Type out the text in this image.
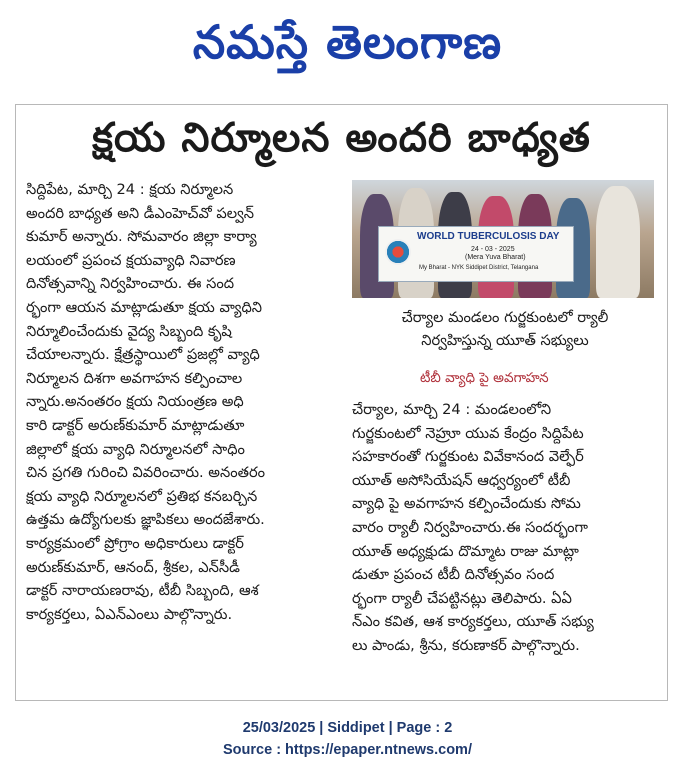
నమస్తే తెలంగాణ
క్షయ నిర్మూలన అందరి బాధ్యత
సిద్దిపేట, మార్చి 24 : క్షయ నిర్మూలన
అందరి బాధ్యత అని డీఎంహెచ్‌వో పల్వన్
కుమార్ అన్నారు. సోమవారం జిల్లా కార్యా
లయంలో ప్రపంచ క్షయవ్యాధి నివారణ
దినోత్సవాన్ని నిర్వహించారు. ఈ సంద
ర్భంగా ఆయన మాట్లాడుతూ క్షయ వ్యాధిని
నిర్మూలించేందుకు వైద్య సిబ్బంది కృషి
చేయాలన్నారు. క్షేత్రస్థాయిలో ప్రజల్లో వ్యాధి
నిర్మూలన దిశగా అవగాహన కల్పించాల
న్నారు.అనంతరం క్షయ నియంత్రణ అధి
కారి డాక్టర్ అరుణ్‌కుమార్ మాట్లాడుతూ
జిల్లాలో క్షయ వ్యాధి నిర్మూలనలో సాధిం
చిన ప్రగతి గురించి వివరించారు. అనంతరం
క్షయ వ్యాధి నిర్మూలనలో ప్రతిభ కనబర్చిన
ఉత్తమ ఉద్యోగులకు జ్ఞాపికలు అందజేశారు.
కార్యక్రమంలో ప్రోగ్రాం అధికారులు డాక్టర్
అరుణ్‌కుమార్, ఆనంద్, శ్రీకల, ఎన్‌సీడీ
డాక్టర్ నారాయణరావు, టీబీ సిబ్బంది, ఆశ
కార్యకర్తలు, ఏఎన్‌ఎంలు పాల్గొన్నారు.
WORLD TUBERCULOSIS DAY
24 - 03 - 2025
(Mera Yuva Bharat)
My Bharat - NYK Siddipet District, Telangana
చేర్యాల మండలం గుర్జకుంటలో ర్యాలీ
నిర్వహిస్తున్న యూత్ సభ్యులు
టీబీ వ్యాధి పై అవగాహన
చేర్యాల, మార్చి 24 : మండలంలోని
గుర్జకుంటలో నెహ్రూ యువ కేంద్రం సిద్దిపేట
సహకారంతో గుర్జకుంట వివేకానంద వెల్ఫేర్
యూత్ అసోసియేషన్ ఆధ్వర్యంలో టీబీ
వ్యాధి పై అవగాహన కల్పించేందుకు సోమ
వారం ర్యాలీ నిర్వహించారు.ఈ సందర్భంగా
యూత్ అధ్యక్షుడు దొమ్మాట రాజు మాట్లా
డుతూ ప్రపంచ టీబీ దినోత్సవం సంద
ర్భంగా ర్యాలీ చేపట్టినట్లు తెలిపారు. ఏఏ
న్‌ఎం కవిత, ఆశ కార్యకర్తలు, యూత్ సభ్యు
లు పాండు, శ్రీను, కరుణాకర్ పాల్గొన్నారు.
25/03/2025 | Siddipet | Page : 2
Source : https://epaper.ntnews.com/
